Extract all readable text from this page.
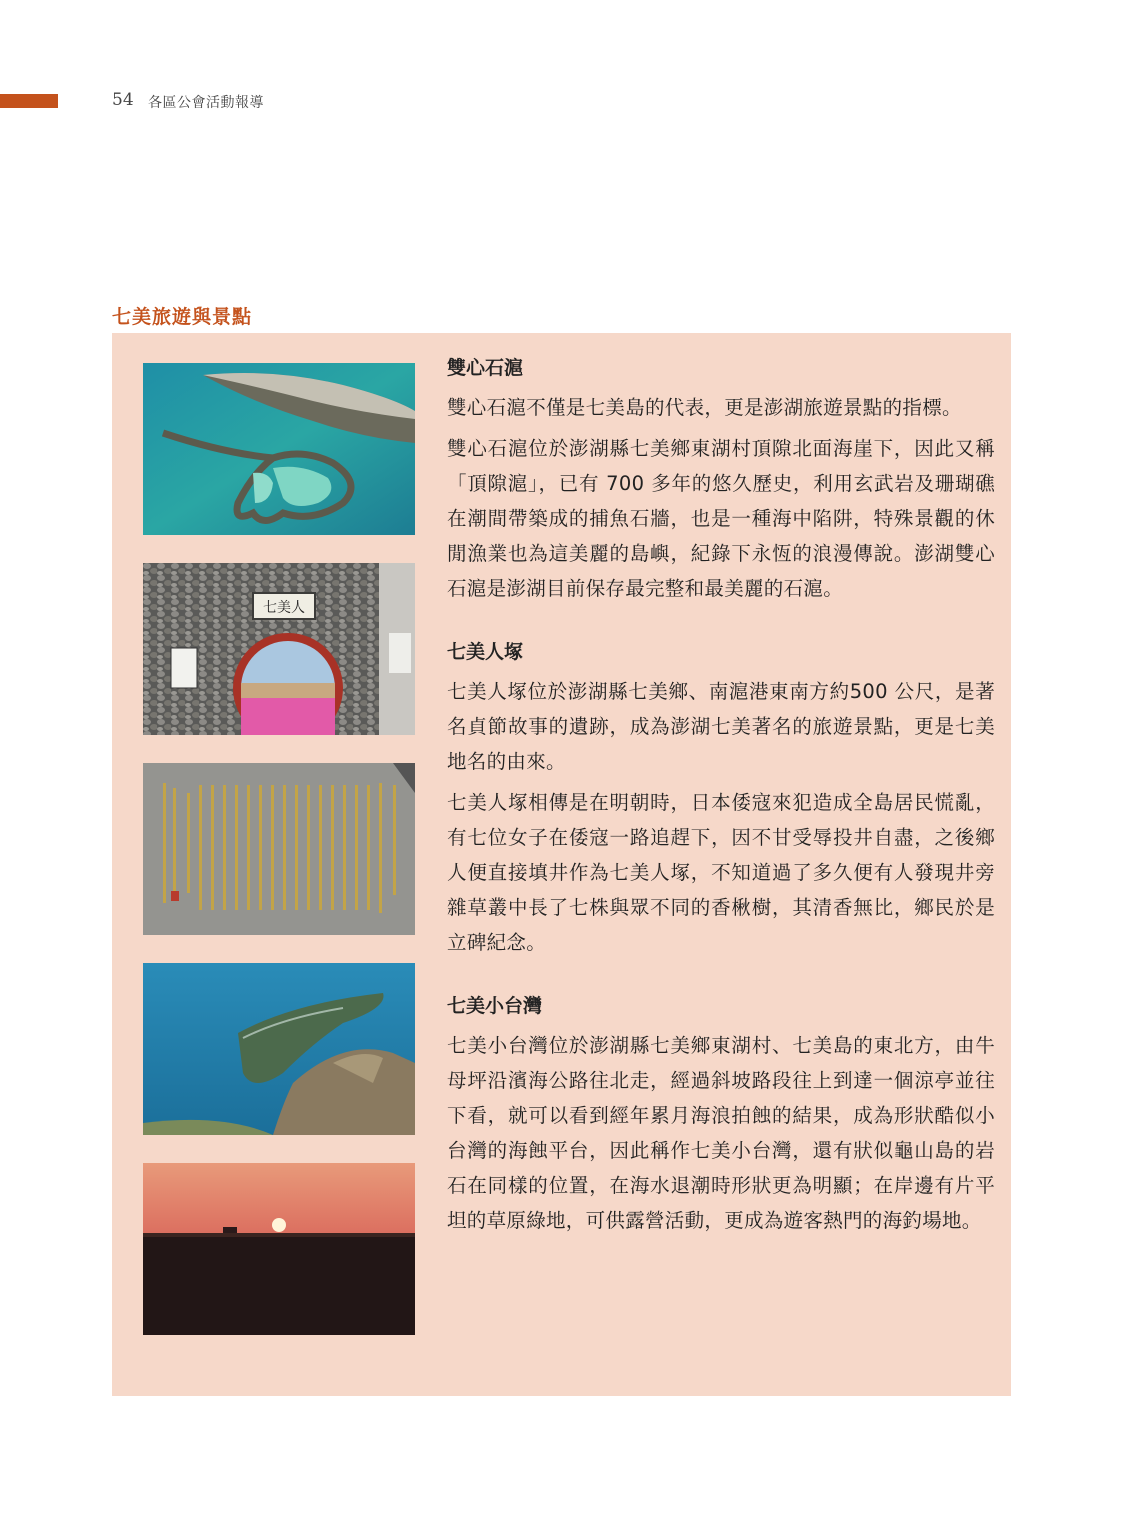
54 各區公會活動報導
七美旅遊與景點
七美人
雙心石滬

雙心石滬不僅是七美島的代表，更是澎湖旅遊景點的指標。

雙心石滬位於澎湖縣七美鄉東湖村頂隙北面海崖下，因此又稱「頂隙滬」，已有 700 多年的悠久歷史，利用玄武岩及珊瑚礁在潮間帶築成的捕魚石牆，也是一種海中陷阱，特殊景觀的休閒漁業也為這美麗的島嶼，紀錄下永恆的浪漫傳說。澎湖雙心石滬是澎湖目前保存最完整和最美麗的石滬。

七美人塚

七美人塚位於澎湖縣七美鄉、南滬港東南方約500 公尺，是著名貞節故事的遺跡，成為澎湖七美著名的旅遊景點，更是七美地名的由來。

七美人塚相傳是在明朝時，日本倭寇來犯造成全島居民慌亂，有七位女子在倭寇一路追趕下，因不甘受辱投井自盡，之後鄉人便直接填井作為七美人塚，不知道過了多久便有人發現井旁雜草叢中長了七株與眾不同的香楸樹，其清香無比，鄉民於是立碑紀念。

七美小台灣

七美小台灣位於澎湖縣七美鄉東湖村、七美島的東北方，由牛母坪沿濱海公路往北走，經過斜坡路段往上到達一個涼亭並往下看，就可以看到經年累月海浪拍蝕的結果，成為形狀酷似小台灣的海蝕平台，因此稱作七美小台灣，還有狀似龜山島的岩石在同樣的位置，在海水退潮時形狀更為明顯；在岸邊有片平坦的草原綠地，可供露營活動，更成為遊客熱門的海釣場地。
